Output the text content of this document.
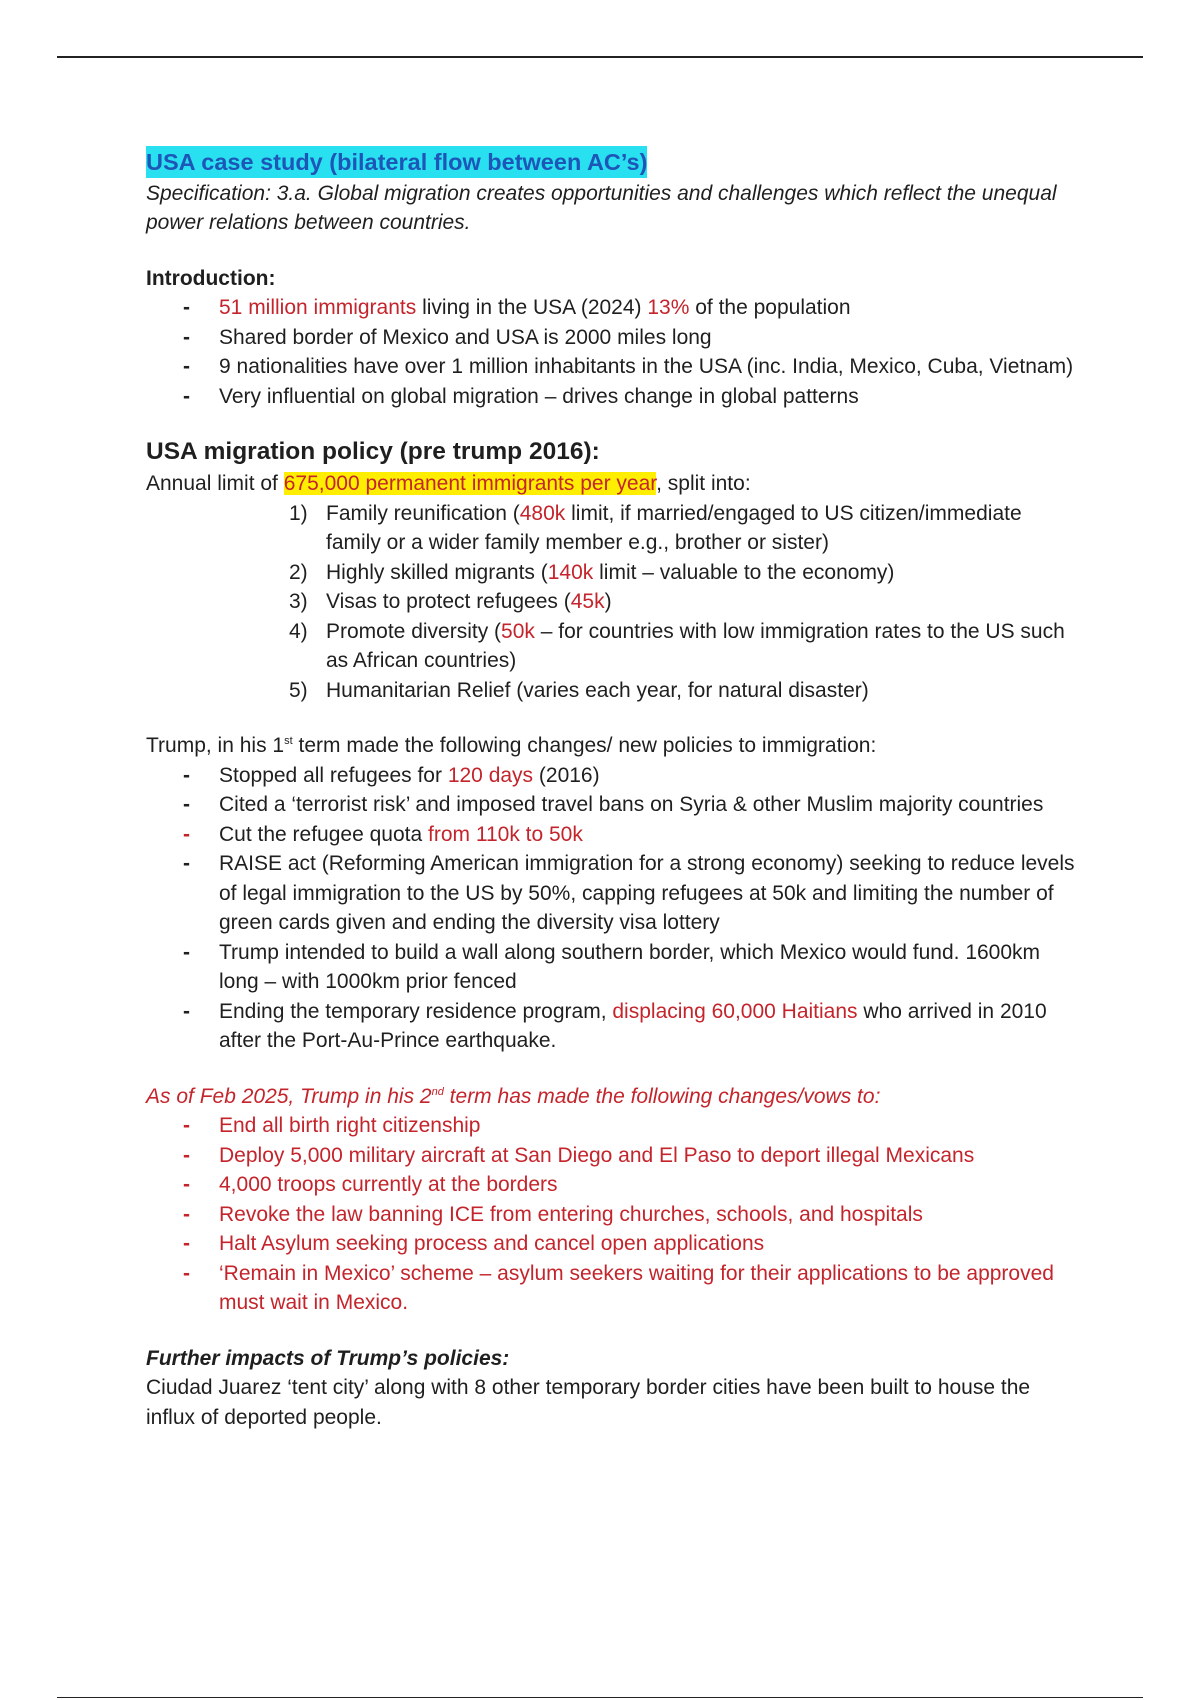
USA case study (bilateral flow between AC’s)
Specification: 3.a. Global migration creates opportunities and challenges which reflect the unequal power relations between countries.
Introduction:
- 51 million immigrants living in the USA (2024) 13% of the population
- Shared border of Mexico and USA is 2000 miles long
- 9 nationalities have over 1 million inhabitants in the USA (inc. India, Mexico, Cuba, Vietnam)
- Very influential on global migration – drives change in global patterns
USA migration policy (pre trump 2016):
Annual limit of 675,000 permanent immigrants per year, split into:
1) Family reunification (480k limit, if married/engaged to US citizen/immediate family or a wider family member e.g., brother or sister)
2) Highly skilled migrants (140k limit – valuable to the economy)
3) Visas to protect refugees (45k)
4) Promote diversity (50k – for countries with low immigration rates to the US such as African countries)
5) Humanitarian Relief (varies each year, for natural disaster)
Trump, in his 1st term made the following changes/ new policies to immigration:
- Stopped all refugees for 120 days (2016)
- Cited a ‘terrorist risk’ and imposed travel bans on Syria & other Muslim majority countries
- Cut the refugee quota from 110k to 50k
- RAISE act (Reforming American immigration for a strong economy) seeking to reduce levels of legal immigration to the US by 50%, capping refugees at 50k and limiting the number of green cards given and ending the diversity visa lottery
- Trump intended to build a wall along southern border, which Mexico would fund. 1600km long – with 1000km prior fenced
- Ending the temporary residence program, displacing 60,000 Haitians who arrived in 2010 after the Port-Au-Prince earthquake.
As of Feb 2025, Trump in his 2nd term has made the following changes/vows to:
- End all birth right citizenship
- Deploy 5,000 military aircraft at San Diego and El Paso to deport illegal Mexicans
- 4,000 troops currently at the borders
- Revoke the law banning ICE from entering churches, schools, and hospitals
- Halt Asylum seeking process and cancel open applications
- ‘Remain in Mexico’ scheme – asylum seekers waiting for their applications to be approved must wait in Mexico.
Further impacts of Trump’s policies:
Ciudad Juarez ‘tent city’ along with 8 other temporary border cities have been built to house the influx of deported people.
